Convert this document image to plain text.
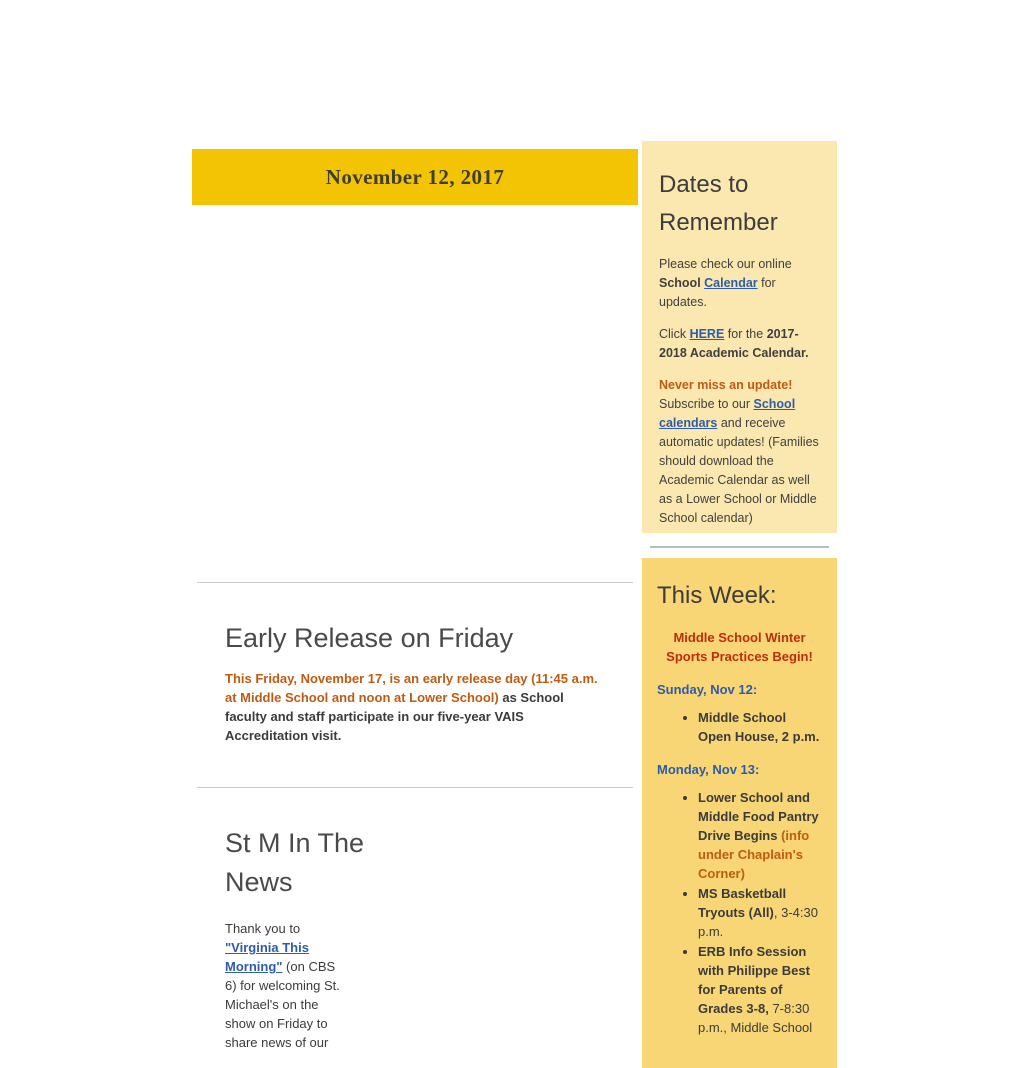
November 12, 2017
Early Release on Friday

This Friday, November 17, is an early release day (11:45 a.m. at Middle School and noon at Lower School) as School faculty and staff participate in our five-year VAIS Accreditation visit.

St M In The News

Thank you to "Virginia This Morning" (on CBS 6) for welcoming St. Michael's on the show on Friday to share news of our

Dates to Remember

Please check our online School Calendar for updates.

Click HERE for the 2017-2018 Academic Calendar.

Never miss an update! Subscribe to our School calendars and receive automatic updates! (Families should download the Academic Calendar as well as a Lower School or Middle School calendar)

This Week:

Middle School Winter Sports Practices Begin!

Sunday, Nov 12:

• Middle School Open House, 2 p.m.

Monday, Nov 13:

• Lower School and Middle Food Pantry Drive Begins (info under Chaplain's Corner)
• MS Basketball Tryouts (All), 3-4:30 p.m.
• ERB Info Session with Philippe Best for Parents of Grades 3-8, 7-8:30 p.m., Middle School
